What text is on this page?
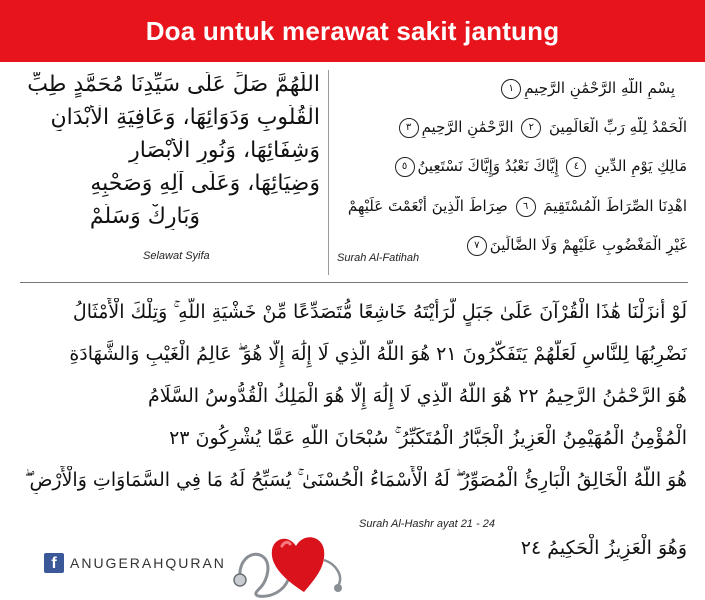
Doa untuk merawat sakit jantung
اللّٰهُمَّ صَلِّ عَلَى سَيِّدِنَا مُحَمَّدٍ طِبِّ
الْقُلُوبِ وَدَوَائِهَا، وَعَافِيَةِ الْأَبْدَانِ
وَشِفَائِهَا، وَنُورِ الْأَبْصَارِ
وَضِيَائِهَا، وَعَلَى آلِهِ وَصَحْبِهِ
وَبَارِكْ وَسَلِّمْ
Selawat Syifa
بِسْمِ اللَّهِ الرَّحْمَٰنِ الرَّحِيمِ١
الْحَمْدُ لِلَّهِ رَبِّ الْعَالَمِينَ ٢ الرَّحْمَٰنِ الرَّحِيمِ٣
مَالِكِ يَوْمِ الدِّينِ ٤ إِيَّاكَ نَعْبُدُ وَإِيَّاكَ نَسْتَعِينُ٥
اهْدِنَا الصِّرَاطَ الْمُسْتَقِيمَ ٦ صِرَاطَ الَّذِينَ أَنْعَمْتَ عَلَيْهِمْ
غَيْرِ الْمَغْضُوبِ عَلَيْهِمْ وَلَا الضَّالِّينَ٧
Surah Al-Fatihah
لَوْ أَنزَلْنَا هَٰذَا الْقُرْآنَ عَلَىٰ جَبَلٍ لَّرَأَيْتَهُ خَاشِعًا مُّتَصَدِّعًا مِّنْ خَشْيَةِ اللَّهِ ۚ وَتِلْكَ الْأَمْثَالُ
نَضْرِبُهَا لِلنَّاسِ لَعَلَّهُمْ يَتَفَكَّرُونَ ٢١ هُوَ اللَّهُ الَّذِي لَا إِلَٰهَ إِلَّا هُوَ ۖ عَالِمُ الْغَيْبِ وَالشَّهَادَةِ
هُوَ الرَّحْمَٰنُ الرَّحِيمُ ٢٢ هُوَ اللَّهُ الَّذِي لَا إِلَٰهَ إِلَّا هُوَ الْمَلِكُ الْقُدُّوسُ السَّلَامُ
الْمُؤْمِنُ الْمُهَيْمِنُ الْعَزِيزُ الْجَبَّارُ الْمُتَكَبِّرُ ۚ سُبْحَانَ اللَّهِ عَمَّا يُشْرِكُونَ ٢٣
هُوَ اللَّهُ الْخَالِقُ الْبَارِئُ الْمُصَوِّرُ ۖ لَهُ الْأَسْمَاءُ الْحُسْنَىٰ ۚ يُسَبِّحُ لَهُ مَا فِي السَّمَاوَاتِ وَالْأَرْضِ ۖ
وَهُوَ الْعَزِيزُ الْحَكِيمُ ٢٤
Surah Al-Hashr ayat 21 - 24
f ANUGERAHQURAN
